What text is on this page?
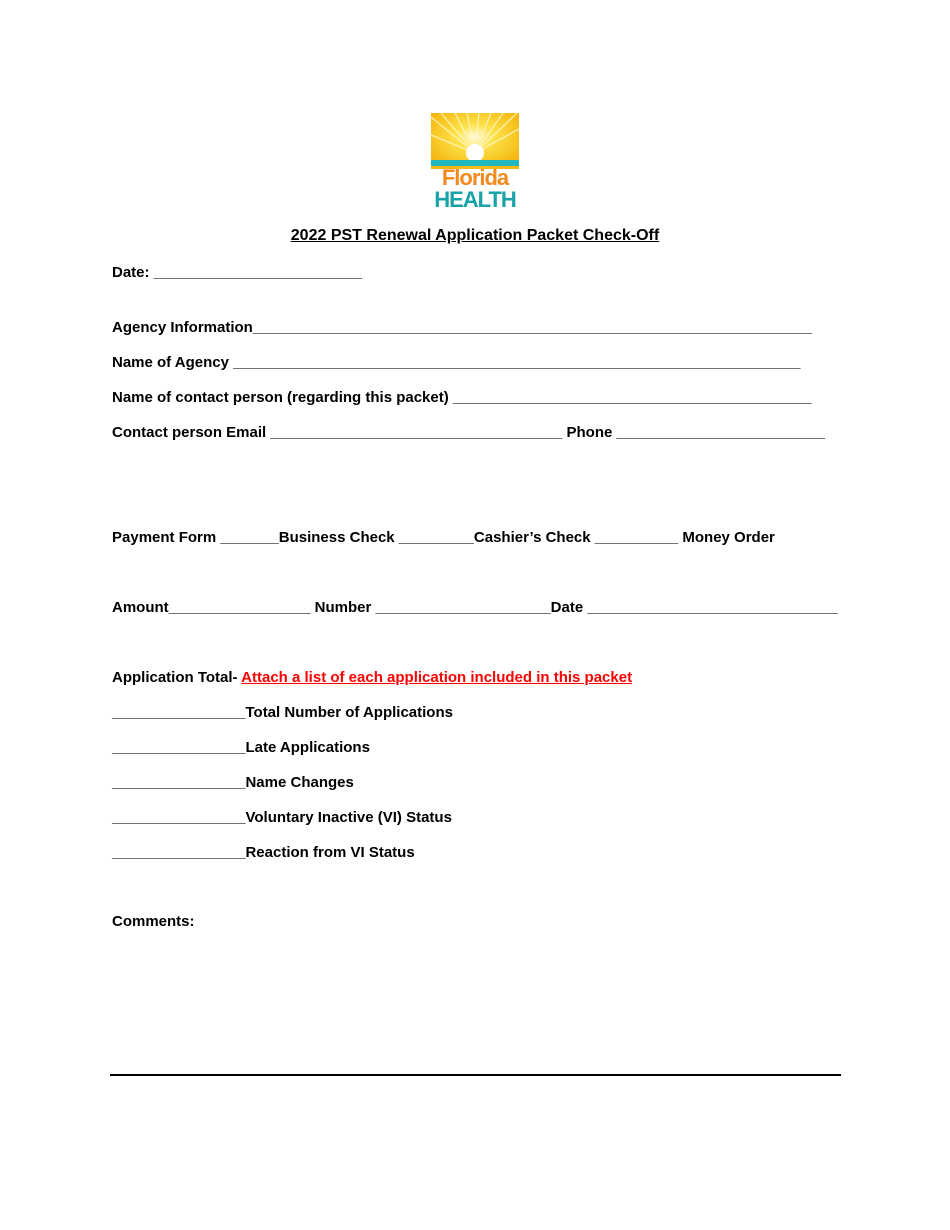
Florida
HEALTH
2022 PST Renewal Application Packet Check-Off
Date: _________________________
Agency Information___________________________________________________________________
Name of Agency ____________________________________________________________________
Name of contact person (regarding this packet) ___________________________________________
Contact person Email ___________________________________ Phone _________________________
Payment Form _______Business Check _________Cashier’s Check __________ Money Order
Amount_________________ Number _____________________Date ______________________________
Application Total- Attach a list of each application included in this packet
________________Total Number of Applications
________________Late Applications
________________Name Changes
________________Voluntary Inactive (VI) Status
________________Reaction from VI Status
Comments:
